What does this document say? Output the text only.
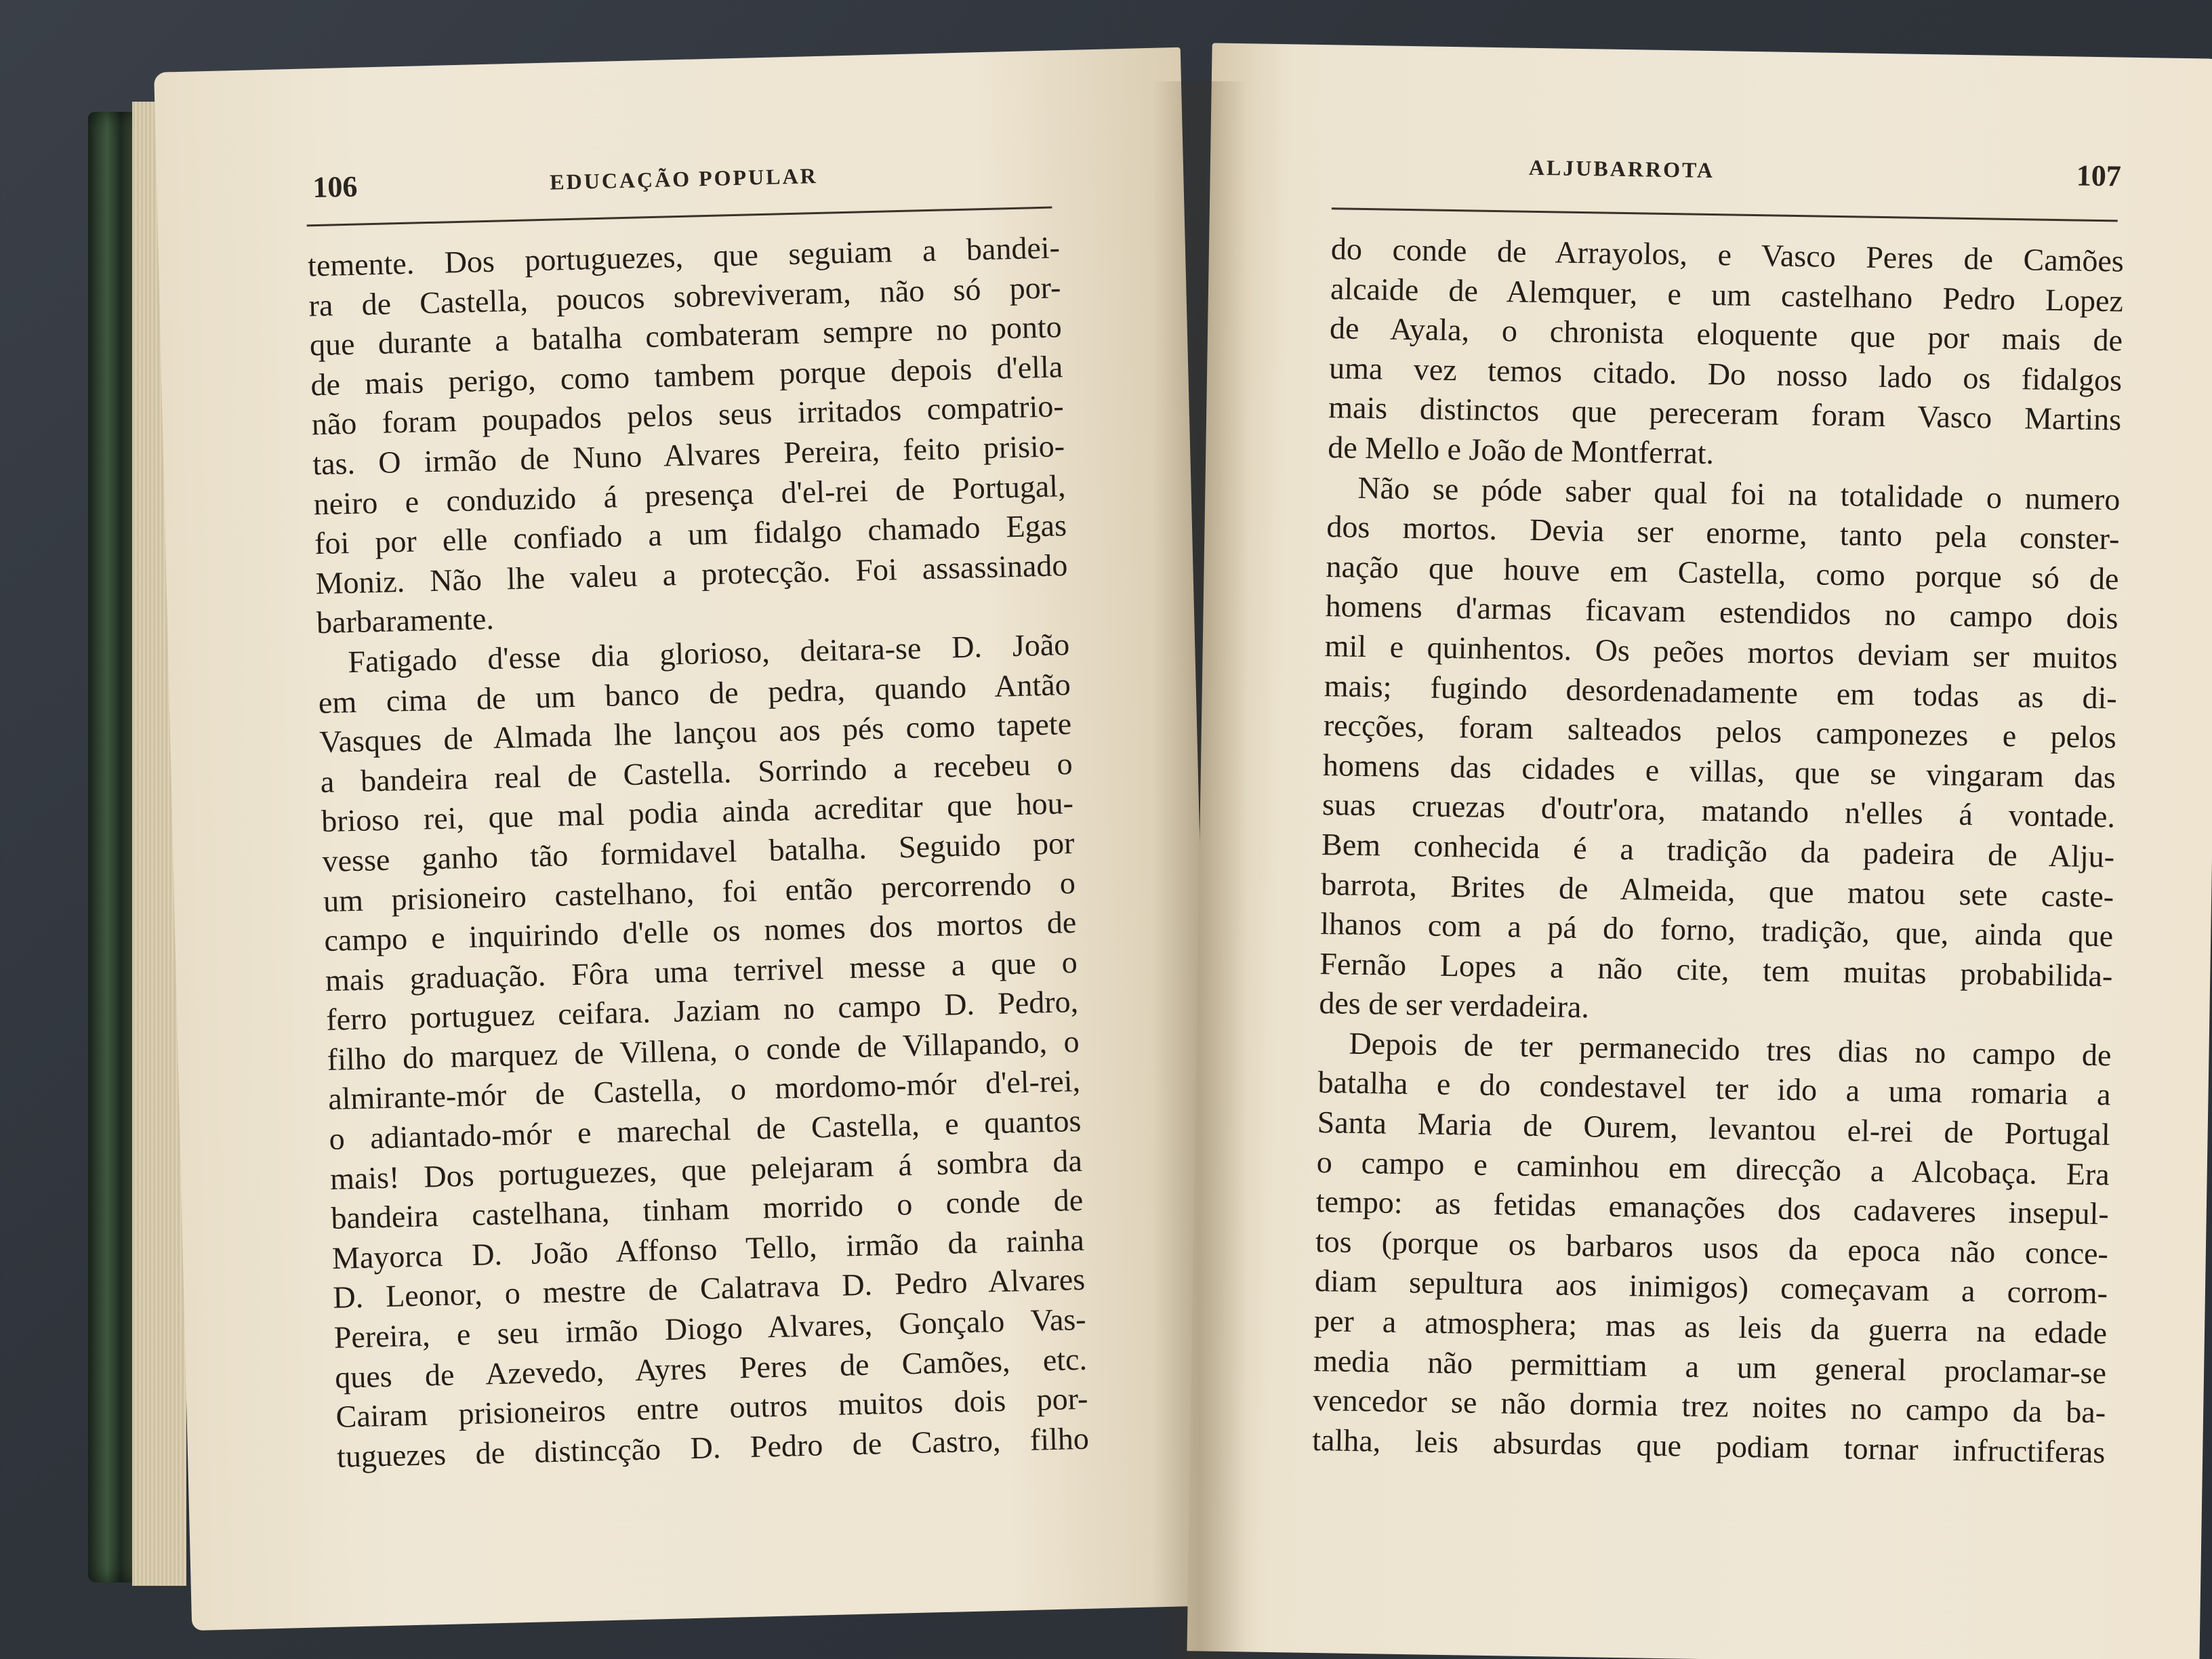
106	EDUCAÇÃO POPULAR
temente. Dos portuguezes, que seguiam a bandei-
ra de Castella, poucos sobreviveram, não só por-
que durante a batalha combateram sempre no ponto
de mais perigo, como tambem porque depois d'ella
não foram poupados pelos seus irritados compatrio-
tas. O irmão de Nuno Alvares Pereira, feito prisio-
neiro e conduzido á presença d'el-rei de Portugal,
foi por elle confiado a um fidalgo chamado Egas
Moniz. Não lhe valeu a protecção. Foi assassinado
barbaramente.
Fatigado d'esse dia glorioso, deitara-se D. João
em cima de um banco de pedra, quando Antão
Vasques de Almada lhe lançou aos pés como tapete
a bandeira real de Castella. Sorrindo a recebeu o
brioso rei, que mal podia ainda acreditar que hou-
vesse ganho tão formidavel batalha. Seguido por
um prisioneiro castelhano, foi então percorrendo o
campo e inquirindo d'elle os nomes dos mortos de
mais graduação. Fôra uma terrivel messe a que o
ferro portuguez ceifara. Jaziam no campo D. Pedro,
filho do marquez de Villena, o conde de Villapando, o
almirante-mór de Castella, o mordomo-mór d'el-rei,
o adiantado-mór e marechal de Castella, e quantos
mais! Dos portuguezes, que pelejaram á sombra da
bandeira castelhana, tinham morrido o conde de
Mayorca D. João Affonso Tello, irmão da rainha
D. Leonor, o mestre de Calatrava D. Pedro Alvares
Pereira, e seu irmão Diogo Alvares, Gonçalo Vas-
ques de Azevedo, Ayres Peres de Camões, etc.
Cairam prisioneiros entre outros muitos dois por-
tuguezes de distincção D. Pedro de Castro, filho
ALJUBARROTA	107
do conde de Arrayolos, e Vasco Peres de Camões
alcaide de Alemquer, e um castelhano Pedro Lopez
de Ayala, o chronista eloquente que por mais de
uma vez temos citado. Do nosso lado os fidalgos
mais distinctos que pereceram foram Vasco Martins
de Mello e João de Montferrat.
Não se póde saber qual foi na totalidade o numero
dos mortos. Devia ser enorme, tanto pela conster-
nação que houve em Castella, como porque só de
homens d'armas ficavam estendidos no campo dois
mil e quinhentos. Os peões mortos deviam ser muitos
mais; fugindo desordenadamente em todas as di-
recções, foram salteados pelos camponezes e pelos
homens das cidades e villas, que se vingaram das
suas cruezas d'outr'ora, matando n'elles á vontade.
Bem conhecida é a tradição da padeira de Alju-
barrota, Brites de Almeida, que matou sete caste-
lhanos com a pá do forno, tradição, que, ainda que
Fernão Lopes a não cite, tem muitas probabilida-
des de ser verdadeira.
Depois de ter permanecido tres dias no campo de
batalha e do condestavel ter ido a uma romaria a
Santa Maria de Ourem, levantou el-rei de Portugal
o campo e caminhou em direcção a Alcobaça. Era
tempo: as fetidas emanações dos cadaveres insepul-
tos (porque os barbaros usos da epoca não conce-
diam sepultura aos inimigos) começavam a corrom-
per a atmosphera; mas as leis da guerra na edade
media não permittiam a um general proclamar-se
vencedor se não dormia trez noites no campo da ba-
talha, leis absurdas que podiam tornar infructiferas
